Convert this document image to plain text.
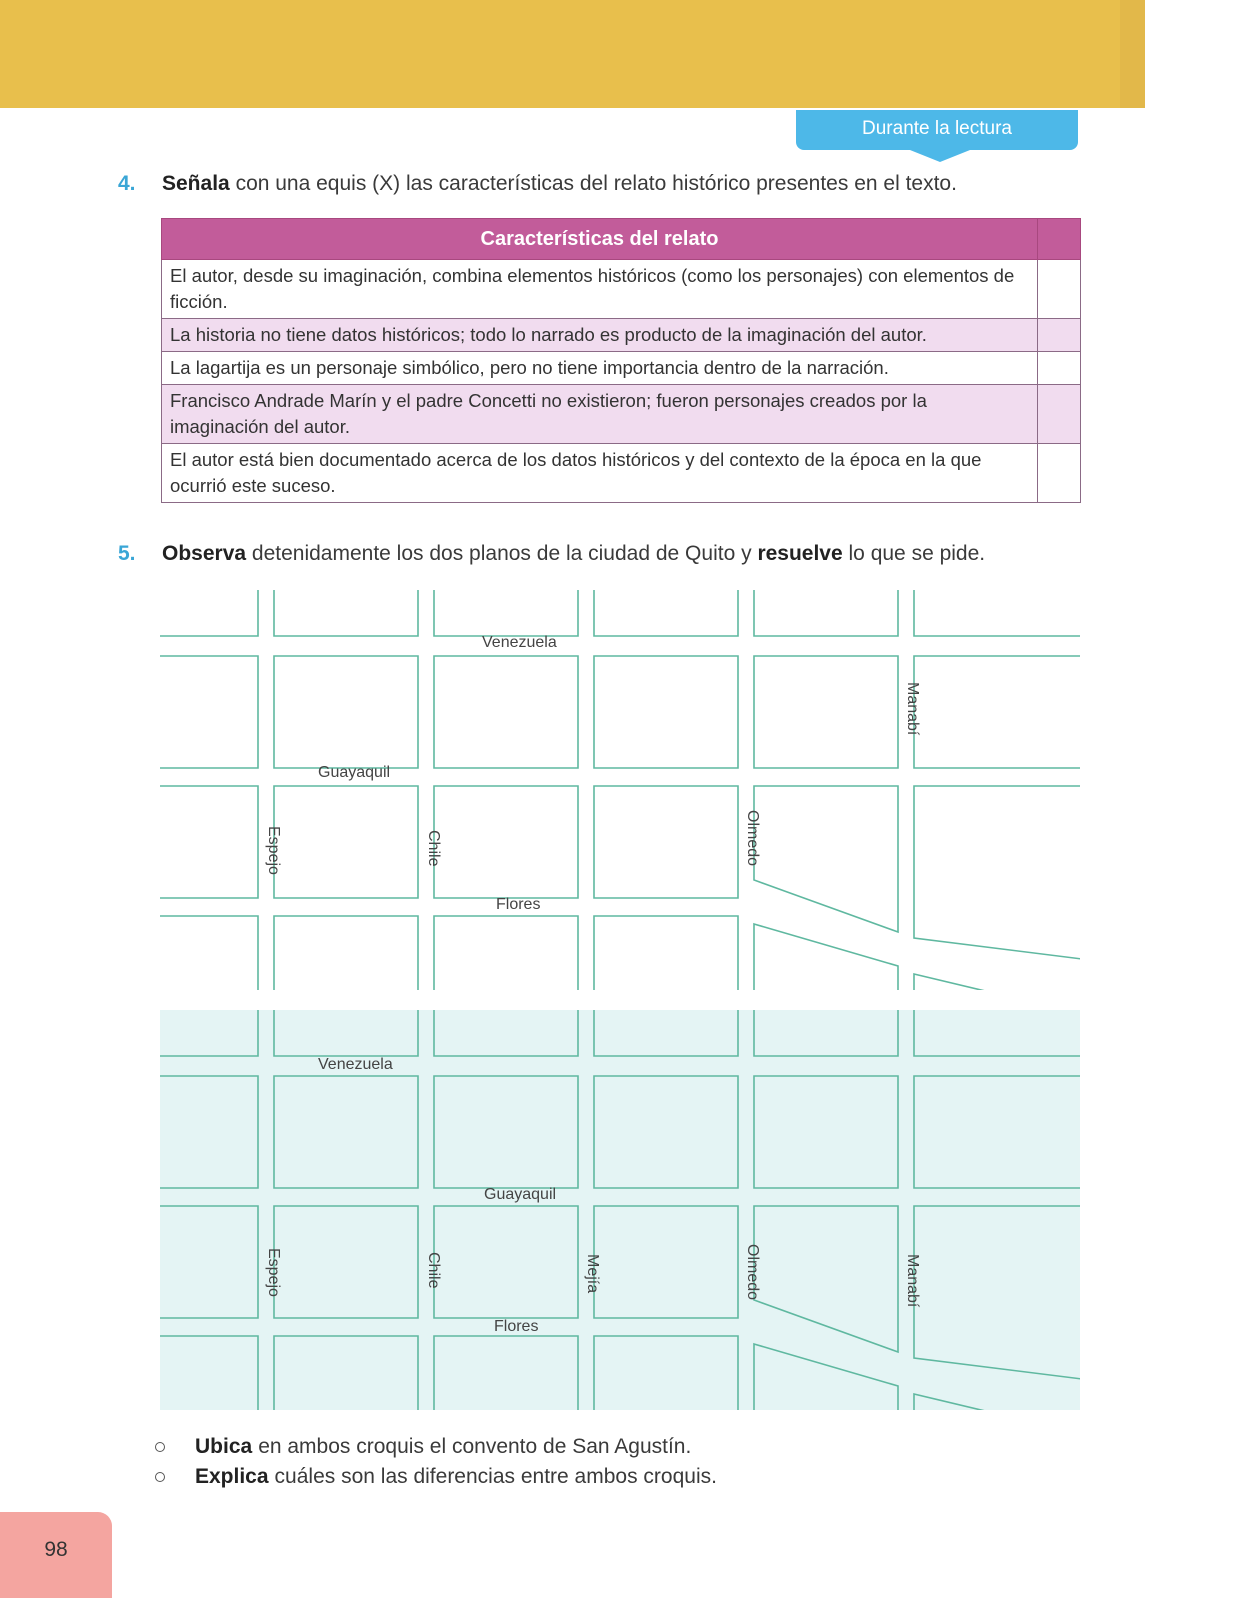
Durante la lectura
4. Señala con una equis (X) las características del relato histórico presentes en el texto.
Características del relato	
El autor, desde su imaginación, combina elementos históricos (como los personajes) con elementos de ficción.	
La historia no tiene datos históricos; todo lo narrado es producto de la imaginación del autor.	
La lagartija es un personaje simbólico, pero no tiene importancia dentro de la narración.	
Francisco Andrade Marín y el padre Concetti no existieron; fueron personajes creados por la imaginación del autor.	
El autor está bien documentado acerca de los datos históricos y del contexto de la época en la que ocurrió este suceso.	
5. Observa detenidamente los dos planos de la ciudad de Quito y resuelve lo que se pide.
Venezuela
Guayaquil
Flores
Espejo	Chile	Olmedo
Manabí
Venezuela
Guayaquil
Flores
Espejo	Chile	Mejía	Olmedo	Manabí
Ubica en ambos croquis el convento de San Agustín.
Explica cuáles son las diferencias entre ambos croquis.
98
